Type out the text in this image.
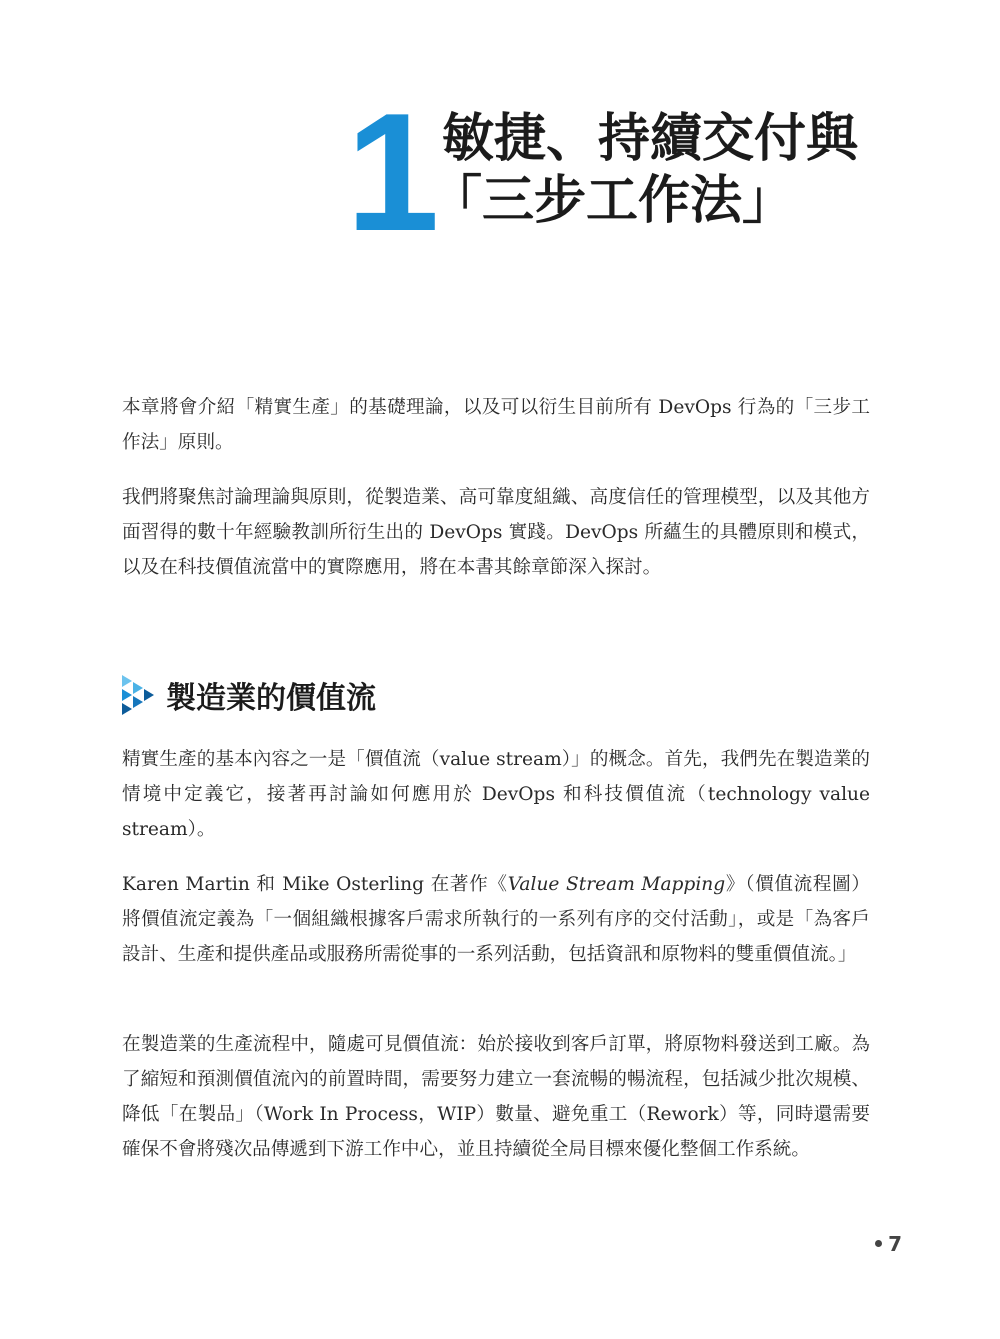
1 敏捷、持續交付與
「三步工作法」

本章將會介紹「精實生產」的基礎理論，以及可以衍生目前所有 DevOps 行為的「三步工作法」原則。

我們將聚焦討論理論與原則，從製造業、高可靠度組織、高度信任的管理模型，以及其他方面習得的數十年經驗教訓所衍生出的 DevOps 實踐。DevOps 所蘊生的具體原則和模式，以及在科技價值流當中的實際應用，將在本書其餘章節深入探討。

製造業的價值流

精實生產的基本內容之一是「價值流（value stream）」的概念。首先，我們先在製造業的情境中定義它，接著再討論如何應用於 DevOps 和科技價值流（technology value stream）。

Karen Martin 和 Mike Osterling 在著作《Value Stream Mapping》（價值流程圖）將價值流定義為「一個組織根據客戶需求所執行的一系列有序的交付活動」，或是「為客戶設計、生產和提供產品或服務所需從事的一系列活動，包括資訊和原物料的雙重價值流。」

在製造業的生產流程中，隨處可見價值流：始於接收到客戶訂單，將原物料發送到工廠。為了縮短和預測價值流內的前置時間，需要努力建立一套流暢的暢流程，包括減少批次規模、降低「在製品」（Work In Process，WIP）數量、避免重工（Rework）等，同時還需要確保不會將殘次品傳遞到下游工作中心，並且持續從全局目標來優化整個工作系統。

7
